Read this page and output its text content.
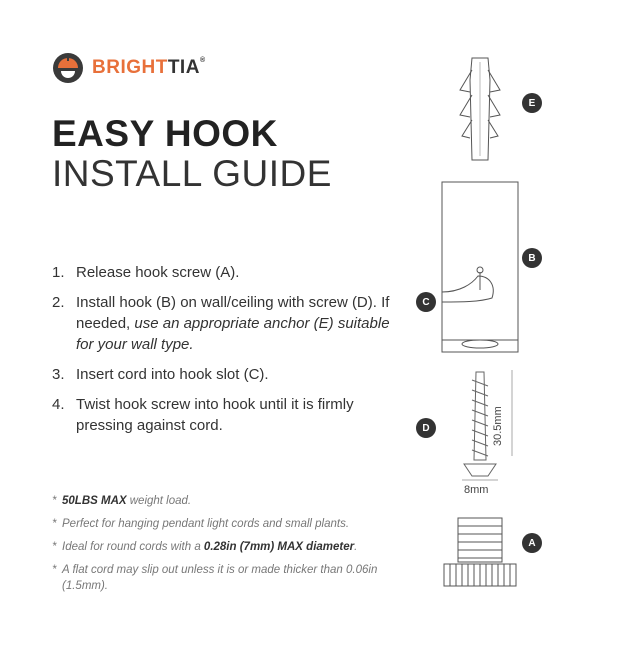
BRIGHTTIA®
EASY HOOK
INSTALL GUIDE
1. Release hook screw (A).
2. Install hook (B) on wall/ceiling with screw (D). If needed, use an appropriate anchor (E) suitable for your wall type.
3. Insert cord into hook slot (C).
4. Twist hook screw into hook until it is firmly pressing against cord.
* 50LBS MAX weight load.
* Perfect for hanging pendant light cords and small plants.
* Ideal for round cords with a 0.28in (7mm) MAX diameter.
* A flat cord may slip out unless it is or made thicker than 0.06in (1.5mm).
E
B
C
D
A
30.5mm
8mm
